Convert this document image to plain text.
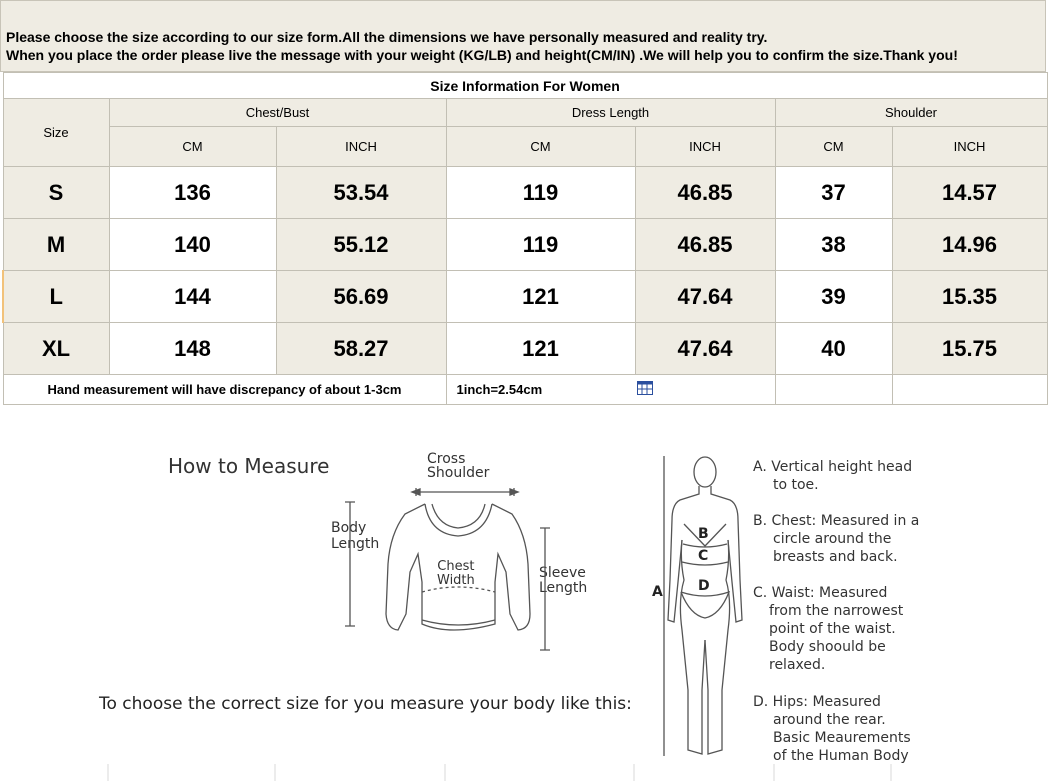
Please choose the size according to our size form.All the dimensions we have personally measured and reality try.

When you place the order please live the message with your weight (KG/LB) and height(CM/IN) .We will help you to confirm the size.Thank you!

Size Information For Women						
Size	Chest/Bust		Dress Length		Shoulder	
	CM	INCH	CM	INCH	CM	INCH
S	136	53.54	119	46.85	37	14.57
M	140	55.12	119	46.85	38	14.96
L	144	56.69	121	47.64	39	15.35
XL	148	58.27	121	47.64	40	15.75
Hand measurement will have discrepancy of about 1-3cm			1inch=2.54cm			

How to Measure	Cross
Shoulder
Body
Length
Chest
Width	Sleeve
Length
To choose the correct size for you measure your body like this:
B
C
A	D
A. Vertical height head
to toe.
B. Chest: Measured in a
circle around the
breasts and back.
C. Waist: Measured
from the narrowest
point of the waist.
Body shoould be
relaxed.
D. Hips: Measured
around the rear.
Basic Meaurements
of the Human Body
